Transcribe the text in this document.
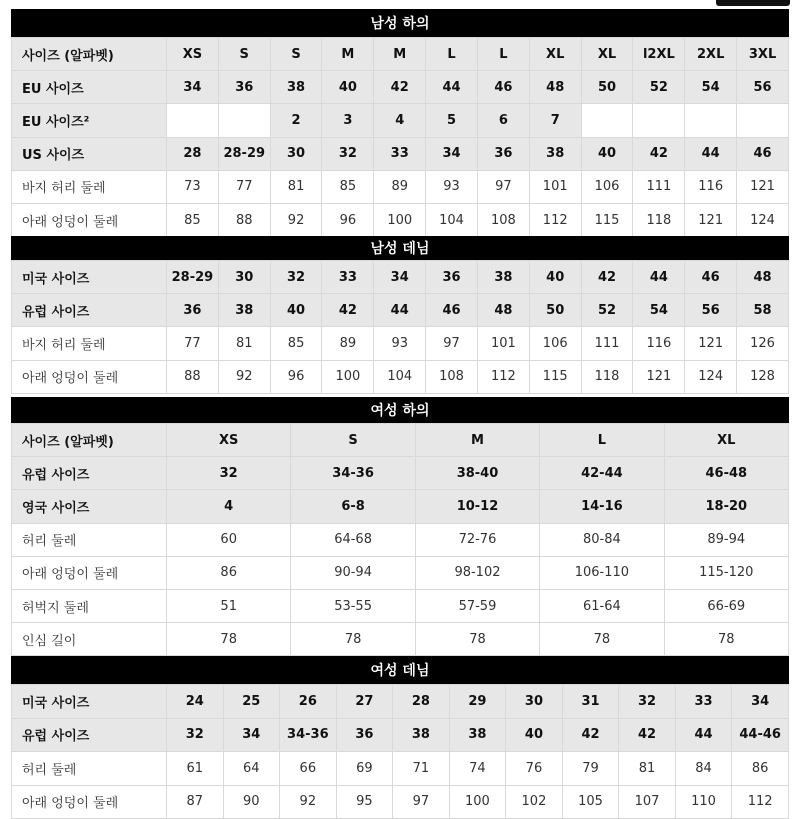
남성 하의
사이즈 (알파벳)	XS	S	S	M	M	L	L	XL	XL	l2XL	2XL	3XL
EU 사이즈	34	36	38	40	42	44	46	48	50	52	54	56
EU 사이즈²			2	3	4	5	6	7				
US 사이즈	28	28-29	30	32	33	34	36	38	40	42	44	46
바지 허리 둘레	73	77	81	85	89	93	97	101	106	111	116	121
아래 엉덩이 둘레	85	88	92	96	100	104	108	112	115	118	121	124
남성 데님
미국 사이즈	28-29	30	32	33	34	36	38	40	42	44	46	48
유럽 사이즈	36	38	40	42	44	46	48	50	52	54	56	58
바지 허리 둘레	77	81	85	89	93	97	101	106	111	116	121	126
아래 엉덩이 둘레	88	92	96	100	104	108	112	115	118	121	124	128
여성 하의
사이즈 (알파벳)	XS	S	M	L	XL
유럽 사이즈	32	34-36	38-40	42-44	46-48
영국 사이즈	4	6-8	10-12	14-16	18-20
허리 둘레	60	64-68	72-76	80-84	89-94
아래 엉덩이 둘레	86	90-94	98-102	106-110	115-120
허벅지 둘레	51	53-55	57-59	61-64	66-69
인심 길이	78	78	78	78	78
여성 데님
미국 사이즈	24	25	26	27	28	29	30	31	32	33	34
유럽 사이즈	32	34	34-36	36	38	38	40	42	42	44	44-46
허리 둘레	61	64	66	69	71	74	76	79	81	84	86
아래 엉덩이 둘레	87	90	92	95	97	100	102	105	107	110	112
